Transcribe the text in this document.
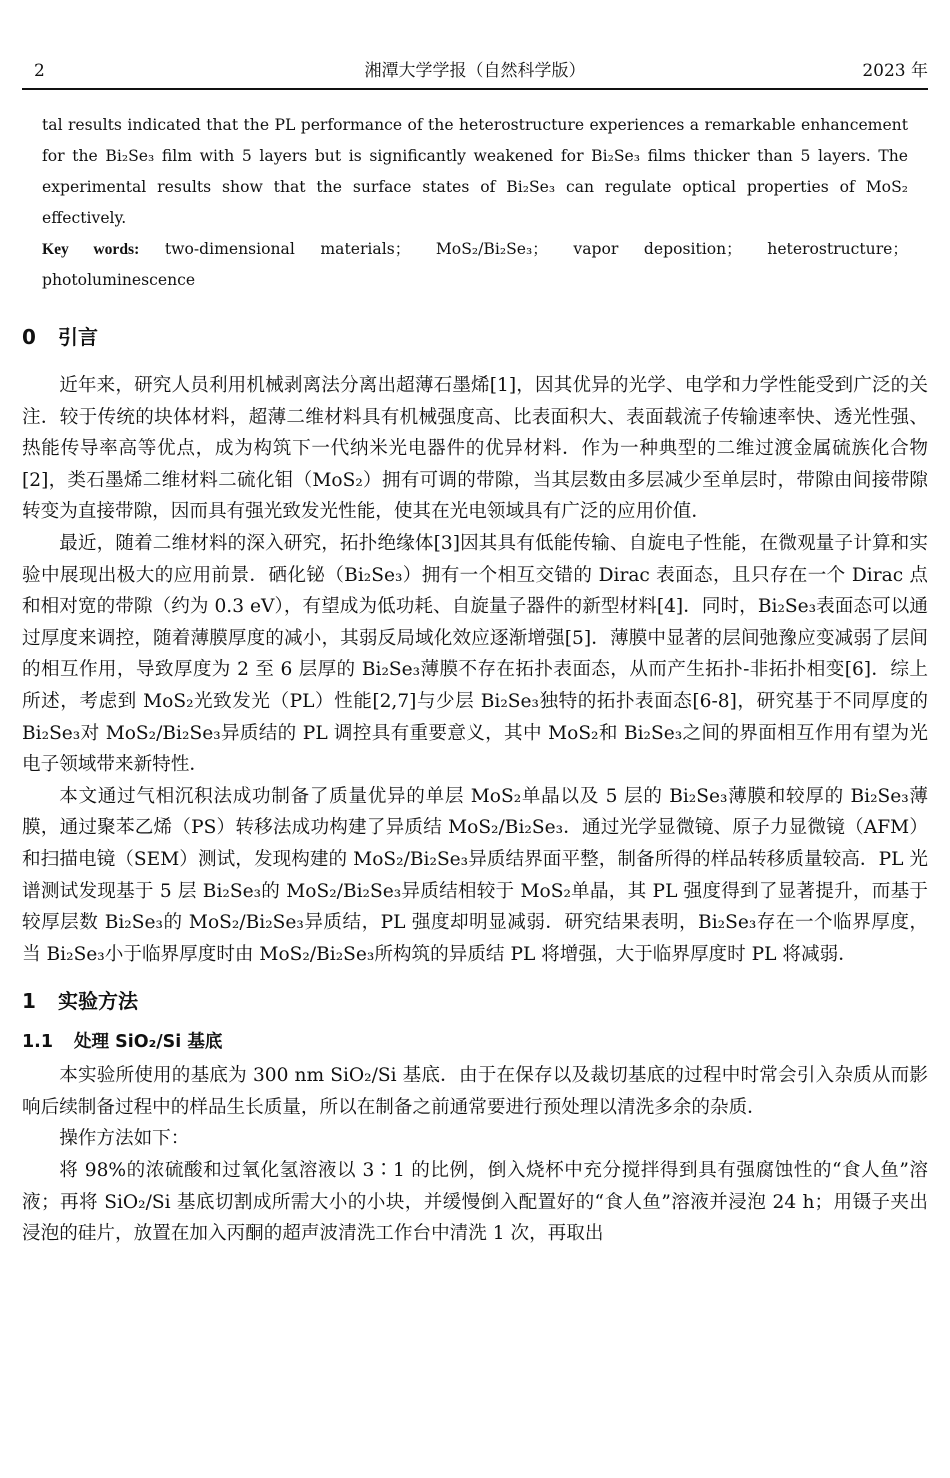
2	湘潭大学学报（自然科学版）	2023 年

tal results indicated that the PL performance of the heterostructure experiences a remarkable enhancement for the Bi₂Se₃ film with 5 layers but is significantly weakened for Bi₂Se₃ films thicker than 5 layers. The experimental results show that the surface states of Bi₂Se₃ can regulate optical properties of MoS₂ effectively.

Key words: two-dimensional materials； MoS₂/Bi₂Se₃； vapor deposition； heterostructure； photoluminescence

0 引言

近年来，研究人员利用机械剥离法分离出超薄石墨烯[1]，因其优异的光学、电学和力学性能受到广泛的关注．较于传统的块体材料，超薄二维材料具有机械强度高、比表面积大、表面载流子传输速率快、透光性强、热能传导率高等优点，成为构筑下一代纳米光电器件的优异材料．作为一种典型的二维过渡金属硫族化合物[2]，类石墨烯二维材料二硫化钼（MoS₂）拥有可调的带隙，当其层数由多层减少至单层时，带隙由间接带隙转变为直接带隙，因而具有强光致发光性能，使其在光电领域具有广泛的应用价值．

最近，随着二维材料的深入研究，拓扑绝缘体[3]因其具有低能传输、自旋电子性能，在微观量子计算和实验中展现出极大的应用前景．硒化铋（Bi₂Se₃）拥有一个相互交错的 Dirac 表面态，且只存在一个 Dirac 点和相对宽的带隙（约为 0.3 eV），有望成为低功耗、自旋量子器件的新型材料[4]．同时，Bi₂Se₃表面态可以通过厚度来调控，随着薄膜厚度的减小，其弱反局域化效应逐渐增强[5]．薄膜中显著的层间弛豫应变减弱了层间的相互作用，导致厚度为 2 至 6 层厚的 Bi₂Se₃薄膜不存在拓扑表面态，从而产生拓扑-非拓扑相变[6]．综上所述，考虑到 MoS₂光致发光（PL）性能[2,7]与少层 Bi₂Se₃独特的拓扑表面态[6-8]，研究基于不同厚度的 Bi₂Se₃对 MoS₂/Bi₂Se₃异质结的 PL 调控具有重要意义，其中 MoS₂和 Bi₂Se₃之间的界面相互作用有望为光电子领域带来新特性．

本文通过气相沉积法成功制备了质量优异的单层 MoS₂单晶以及 5 层的 Bi₂Se₃薄膜和较厚的 Bi₂Se₃薄膜，通过聚苯乙烯（PS）转移法成功构建了异质结 MoS₂/Bi₂Se₃．通过光学显微镜、原子力显微镜（AFM）和扫描电镜（SEM）测试，发现构建的 MoS₂/Bi₂Se₃异质结界面平整，制备所得的样品转移质量较高．PL 光谱测试发现基于 5 层 Bi₂Se₃的 MoS₂/Bi₂Se₃异质结相较于 MoS₂单晶，其 PL 强度得到了显著提升，而基于较厚层数 Bi₂Se₃的 MoS₂/Bi₂Se₃异质结，PL 强度却明显减弱．研究结果表明，Bi₂Se₃存在一个临界厚度，当 Bi₂Se₃小于临界厚度时由 MoS₂/Bi₂Se₃所构筑的异质结 PL 将增强，大于临界厚度时 PL 将减弱．

1 实验方法
1.1 处理 SiO₂/Si 基底

本实验所使用的基底为 300 nm SiO₂/Si 基底．由于在保存以及裁切基底的过程中时常会引入杂质从而影响后续制备过程中的样品生长质量，所以在制备之前通常要进行预处理以清洗多余的杂质．

操作方法如下：

将 98%的浓硫酸和过氧化氢溶液以 3∶1 的比例，倒入烧杯中充分搅拌得到具有强腐蚀性的“食人鱼”溶液；再将 SiO₂/Si 基底切割成所需大小的小块，并缓慢倒入配置好的“食人鱼”溶液并浸泡 24 h；用镊子夹出浸泡的硅片，放置在加入丙酮的超声波清洗工作台中清洗 1 次，再取出
